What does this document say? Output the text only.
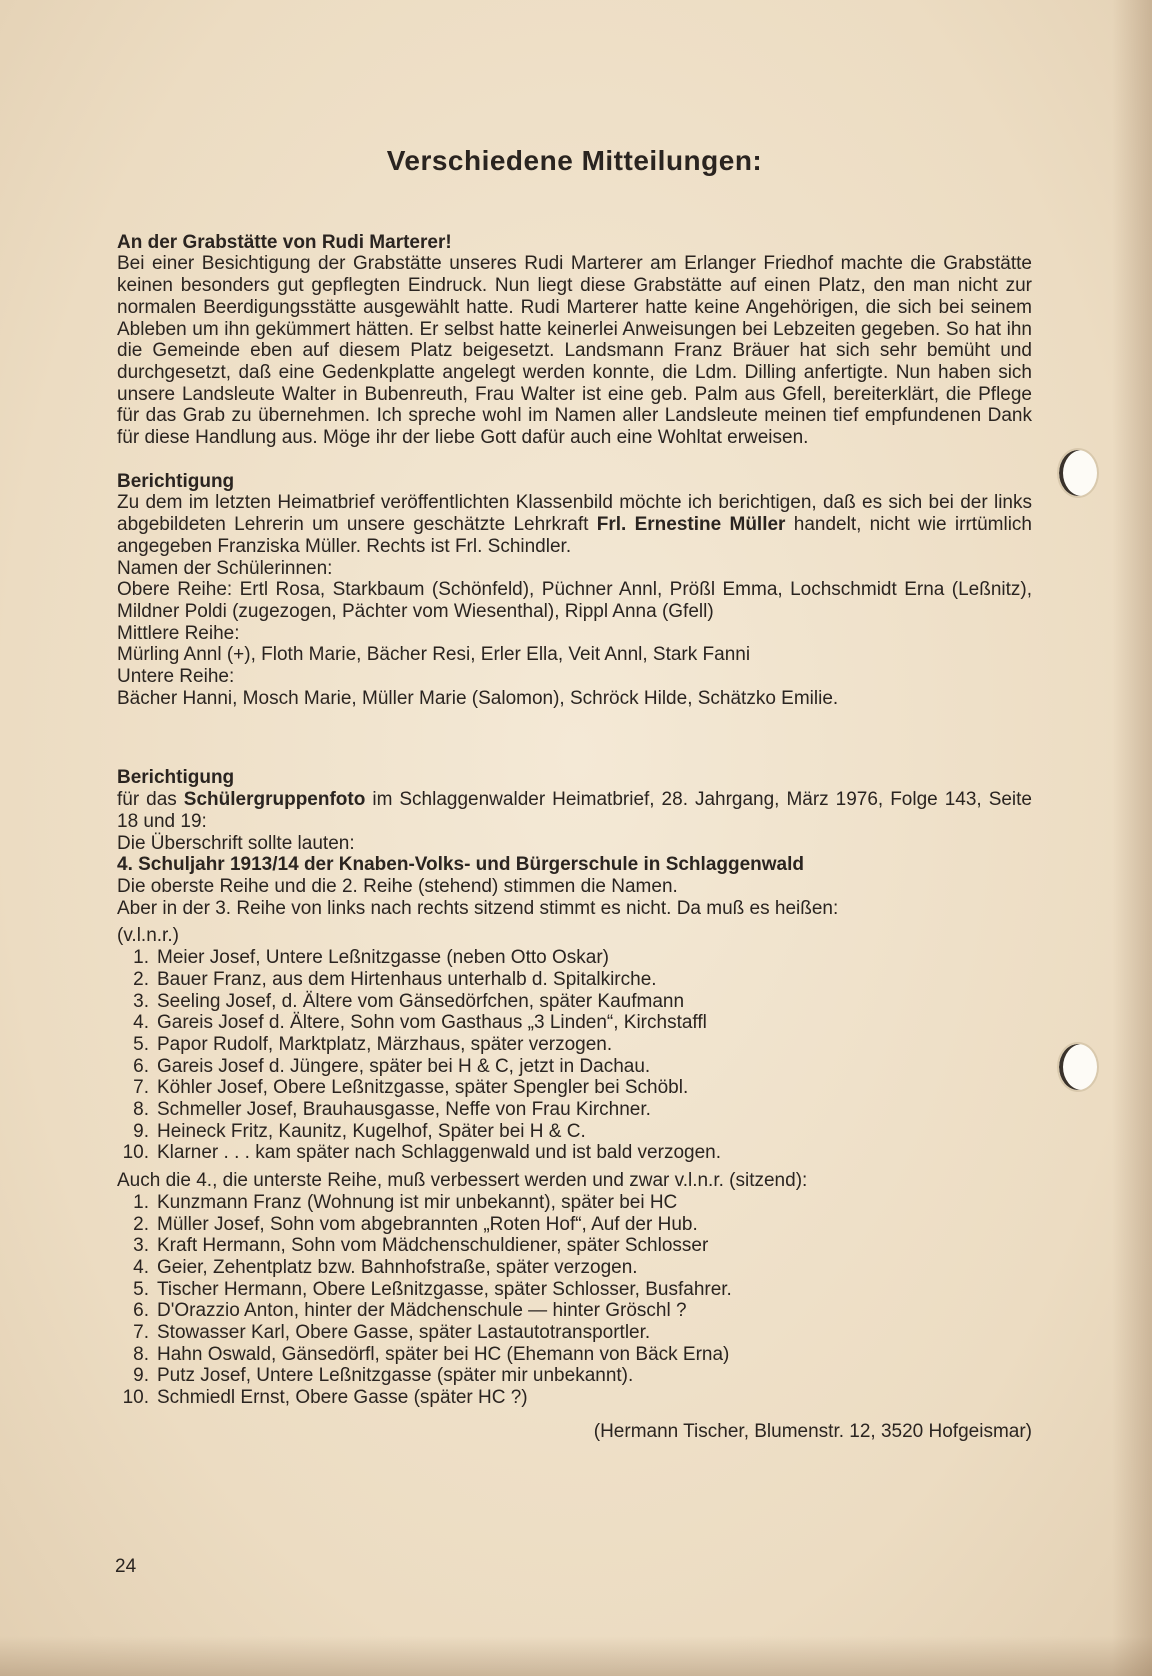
Verschiedene Mitteilungen:

An der Grabstätte von Rudi Marterer!

Bei einer Besichtigung der Grabstätte unseres Rudi Marterer am Erlanger Friedhof machte die Grabstätte keinen besonders gut gepflegten Eindruck. Nun liegt diese Grabstätte auf einen Platz, den man nicht zur normalen Beerdigungsstätte ausgewählt hatte. Rudi Marterer hatte keine Angehörigen, die sich bei seinem Ableben um ihn gekümmert hätten. Er selbst hatte keinerlei Anweisungen bei Lebzeiten gegeben. So hat ihn die Gemeinde eben auf diesem Platz beigesetzt. Landsmann Franz Bräuer hat sich sehr bemüht und durchgesetzt, daß eine Gedenkplatte angelegt werden konnte, die Ldm. Dilling anfertigte. Nun haben sich unsere Landsleute Walter in Bubenreuth, Frau Walter ist eine geb. Palm aus Gfell, bereiterklärt, die Pflege für das Grab zu übernehmen. Ich spreche wohl im Namen aller Landsleute meinen tief empfundenen Dank für diese Handlung aus. Möge ihr der liebe Gott dafür auch eine Wohltat erweisen.

Berichtigung

Zu dem im letzten Heimatbrief veröffentlichten Klassenbild möchte ich berichtigen, daß es sich bei der links abgebildeten Lehrerin um unsere geschätzte Lehrkraft Frl. Ernestine Müller handelt, nicht wie irrtümlich angegeben Franziska Müller. Rechts ist Frl. Schindler.

Namen der Schülerinnen:

Obere Reihe: Ertl Rosa, Starkbaum (Schönfeld), Püchner Annl, Prößl Emma, Lochschmidt Erna (Leßnitz), Mildner Poldi (zugezogen, Pächter vom Wiesenthal), Rippl Anna (Gfell)

Mittlere Reihe:

Mürling Annl (+), Floth Marie, Bächer Resi, Erler Ella, Veit Annl, Stark Fanni

Untere Reihe:

Bächer Hanni, Mosch Marie, Müller Marie (Salomon), Schröck Hilde, Schätzko Emilie.

Berichtigung

für das Schülergruppenfoto im Schlaggenwalder Heimatbrief, 28. Jahrgang, März 1976, Folge 143, Seite 18 und 19:

Die Überschrift sollte lauten:

4. Schuljahr 1913/14 der Knaben-Volks- und Bürgerschule in Schlaggenwald

Die oberste Reihe und die 2. Reihe (stehend) stimmen die Namen.

Aber in der 3. Reihe von links nach rechts sitzend stimmt es nicht. Da muß es heißen:

(v.l.n.r.)

1. Meier Josef, Untere Leßnitzgasse (neben Otto Oskar)
2. Bauer Franz, aus dem Hirtenhaus unterhalb d. Spitalkirche.
3. Seeling Josef, d. Ältere vom Gänsedörfchen, später Kaufmann
4. Gareis Josef d. Ältere, Sohn vom Gasthaus „3 Linden“, Kirchstaffl
5. Papor Rudolf, Marktplatz, Märzhaus, später verzogen.
6. Gareis Josef d. Jüngere, später bei H & C, jetzt in Dachau.
7. Köhler Josef, Obere Leßnitzgasse, später Spengler bei Schöbl.
8. Schmeller Josef, Brauhausgasse, Neffe von Frau Kirchner.
9. Heineck Fritz, Kaunitz, Kugelhof, Später bei H & C.
10. Klarner . . . kam später nach Schlaggenwald und ist bald verzogen.

Auch die 4., die unterste Reihe, muß verbessert werden und zwar v.l.n.r. (sitzend):

1. Kunzmann Franz (Wohnung ist mir unbekannt), später bei HC
2. Müller Josef, Sohn vom abgebrannten „Roten Hof“, Auf der Hub.
3. Kraft Hermann, Sohn vom Mädchenschuldiener, später Schlosser
4. Geier, Zehentplatz bzw. Bahnhofstraße, später verzogen.
5. Tischer Hermann, Obere Leßnitzgasse, später Schlosser, Busfahrer.
6. D'Orazzio Anton, hinter der Mädchenschule — hinter Gröschl ?
7. Stowasser Karl, Obere Gasse, später Lastautotransportler.
8. Hahn Oswald, Gänsedörfl, später bei HC (Ehemann von Bäck Erna)
9. Putz Josef, Untere Leßnitzgasse (später mir unbekannt).
10. Schmiedl Ernst, Obere Gasse (später HC ?)

(Hermann Tischer, Blumenstr. 12, 3520 Hofgeismar)

24
